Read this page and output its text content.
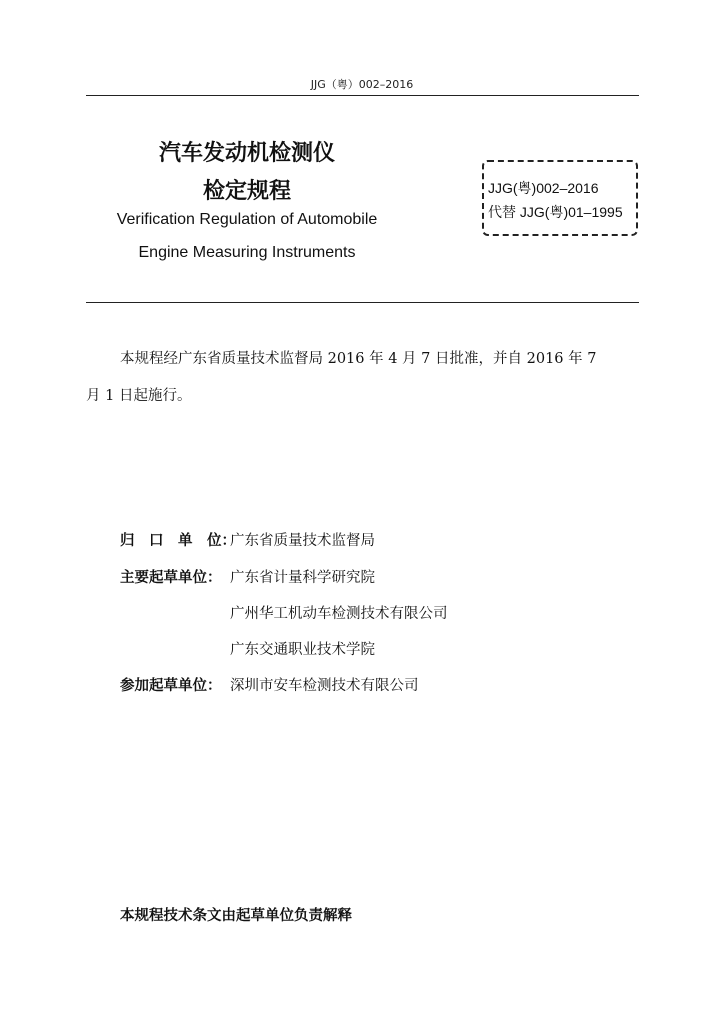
JJG（粤）002–2016
汽车发动机检测仪
检定规程
Verification Regulation of Automobile
Engine Measuring Instruments
JJG(粤)002–2016
代替 JJG(粤)01–1995
本规程经广东省质量技术监督局 2016 年 4 月 7 日批准，并自 2016 年 7
月 1 日起施行。
归　口　单　位：
广东省质量技术监督局
主要起草单位： 广东省计量科学研究院
广州华工机动车检测技术有限公司
广东交通职业技术学院
参加起草单位： 深圳市安车检测技术有限公司
本规程技术条文由起草单位负责解释
